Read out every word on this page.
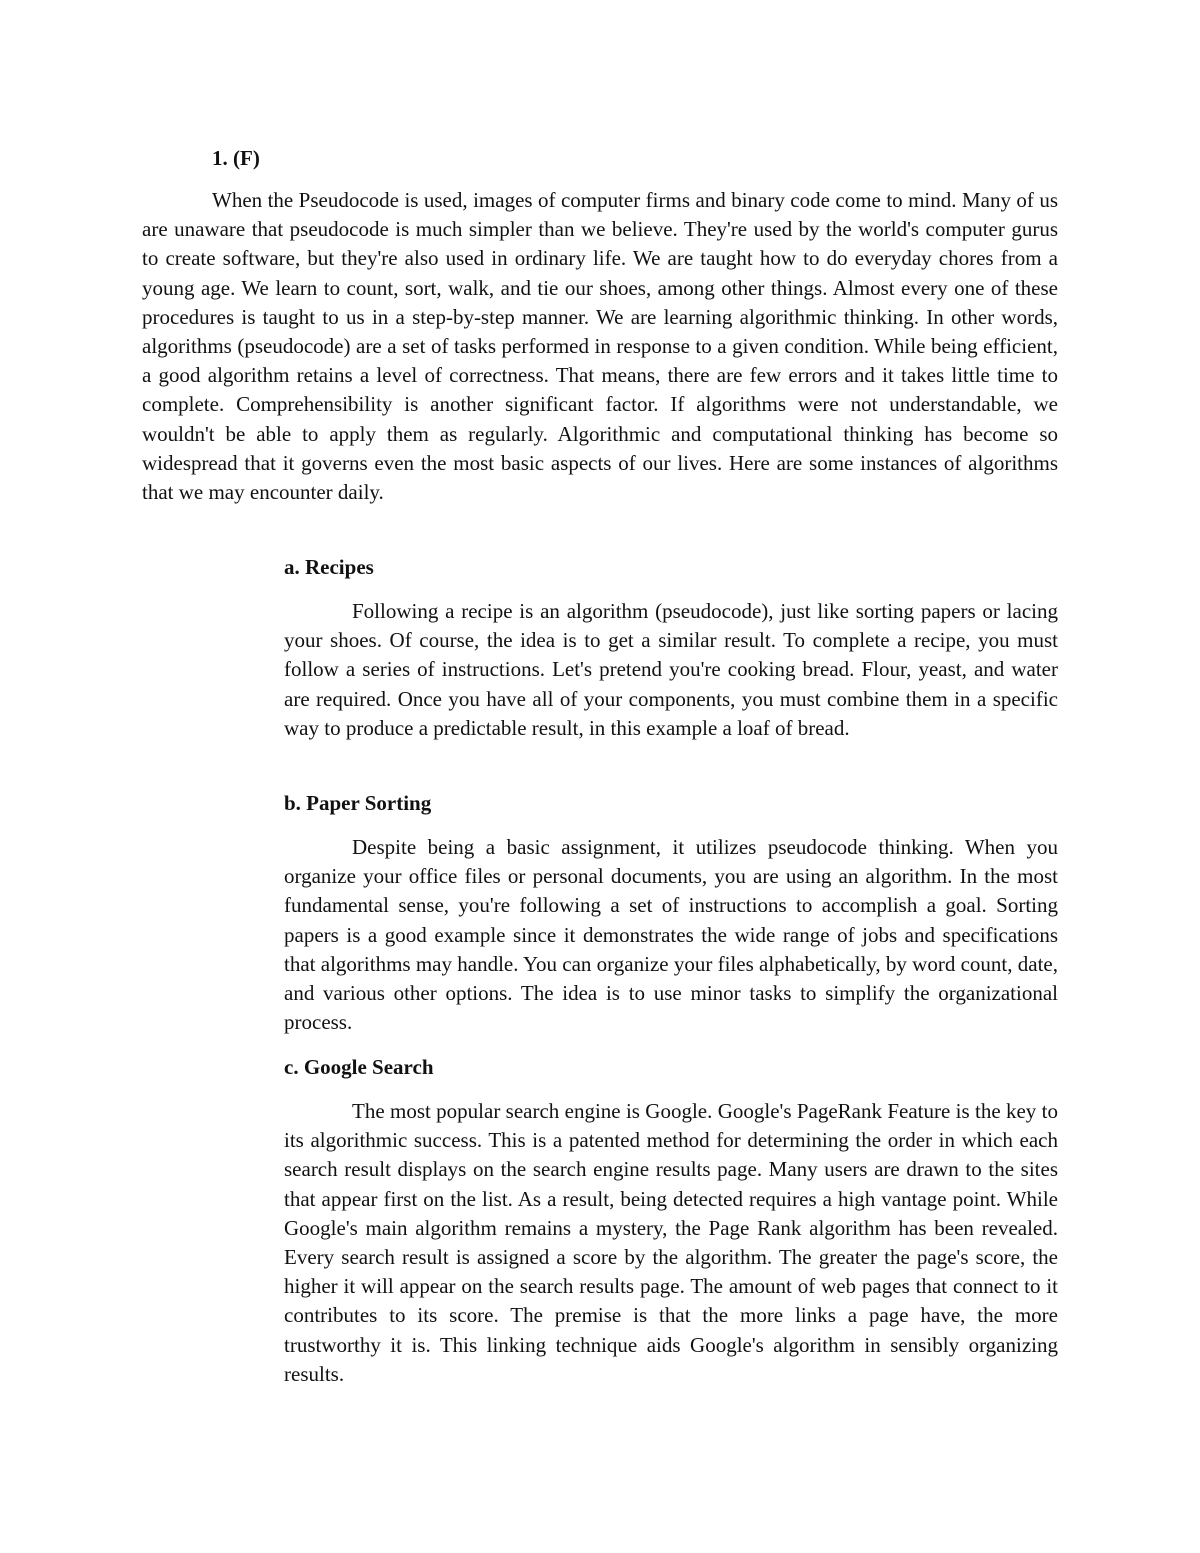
1. (F)

When the Pseudocode is used, images of computer firms and binary code come to mind. Many of us are unaware that pseudocode is much simpler than we believe. They're used by the world's computer gurus to create software, but they're also used in ordinary life. We are taught how to do everyday chores from a young age. We learn to count, sort, walk, and tie our shoes, among other things. Almost every one of these procedures is taught to us in a step-by-step manner. We are learning algorithmic thinking. In other words, algorithms (pseudocode) are a set of tasks performed in response to a given condition. While being efficient, a good algorithm retains a level of correctness. That means, there are few errors and it takes little time to complete. Comprehensibility is another significant factor. If algorithms were not understandable, we wouldn't be able to apply them as regularly. Algorithmic and computational thinking has become so widespread that it governs even the most basic aspects of our lives. Here are some instances of algorithms that we may encounter daily.

a. Recipes

Following a recipe is an algorithm (pseudocode), just like sorting papers or lacing your shoes. Of course, the idea is to get a similar result. To complete a recipe, you must follow a series of instructions. Let's pretend you're cooking bread. Flour, yeast, and water are required. Once you have all of your components, you must combine them in a specific way to produce a predictable result, in this example a loaf of bread.

b. Paper Sorting

Despite being a basic assignment, it utilizes pseudocode thinking. When you organize your office files or personal documents, you are using an algorithm. In the most fundamental sense, you're following a set of instructions to accomplish a goal. Sorting papers is a good example since it demonstrates the wide range of jobs and specifications that algorithms may handle. You can organize your files alphabetically, by word count, date, and various other options. The idea is to use minor tasks to simplify the organizational process.

c. Google Search

The most popular search engine is Google. Google's PageRank Feature is the key to its algorithmic success. This is a patented method for determining the order in which each search result displays on the search engine results page. Many users are drawn to the sites that appear first on the list. As a result, being detected requires a high vantage point. While Google's main algorithm remains a mystery, the Page Rank algorithm has been revealed. Every search result is assigned a score by the algorithm. The greater the page's score, the higher it will appear on the search results page. The amount of web pages that connect to it contributes to its score. The premise is that the more links a page have, the more trustworthy it is. This linking technique aids Google's algorithm in sensibly organizing results.
